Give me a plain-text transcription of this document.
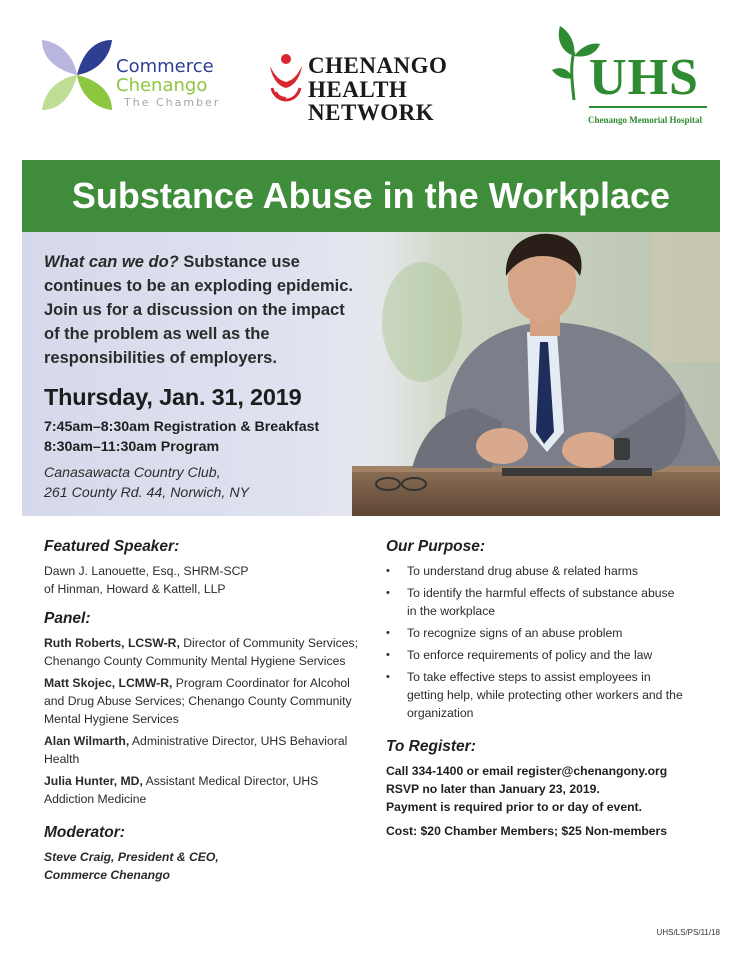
Commerce
Chenango
The Chamber
CHENANGO
HEALTH NETWORK
UHS
Chenango Memorial Hospital
Substance Abuse in the Workplace

What can we do? Substance use continues to be an exploding epidemic. Join us for a discussion on the impact of the problem as well as the responsibilities of employers.

Thursday, Jan. 31, 2019
7:45am–8:30am Registration & Breakfast
8:30am–11:30am Program
Canasawacta Country Club,
261 County Rd. 44, Norwich, NY
Featured Speaker:
Dawn J. Lanouette, Esq., SHRM-SCP
of Hinman, Howard & Kattell, LLP
Panel:
Ruth Roberts, LCSW-R, Director of Community Services; Chenango County Community Mental Hygiene Services
Matt Skojec, LCMW-R, Program Coordinator for Alcohol and Drug Abuse Services; Chenango County Community Mental Hygiene Services
Alan Wilmarth, Administrative Director, UHS Behavioral Health
Julia Hunter, MD, Assistant Medical Director, UHS Addiction Medicine
Moderator:
Steve Craig, President & CEO,
Commerce Chenango
Our Purpose:
• To understand drug abuse & related harms
• To identify the harmful effects of substance abuse in the workplace
• To recognize signs of an abuse problem
• To enforce requirements of policy and the law
• To take effective steps to assist employees in getting help, while protecting other workers and the organization
To Register:
Call 334-1400 or email register@chenangony.org
RSVP no later than January 23, 2019.
Payment is required prior to or day of event.
Cost: $20 Chamber Members; $25 Non-members
UHS/LS/PS/11/18
